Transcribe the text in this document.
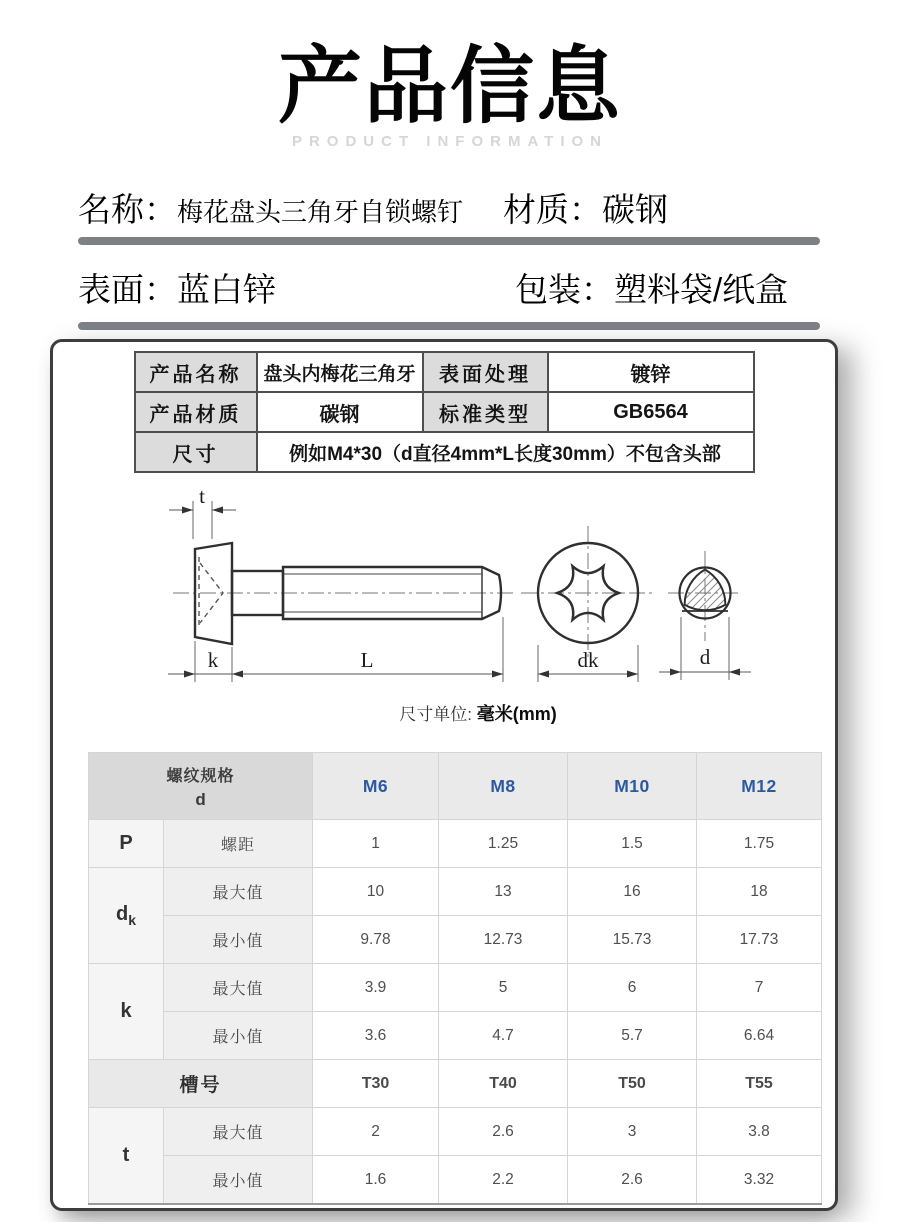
产品信息
PRODUCT INFORMATION
名称：梅花盘头三角牙自锁螺钉 材质：碳钢
表面：蓝白锌	包装：塑料袋/纸盒
产品名称	盘头内梅花三角牙	表面处理	镀锌
产品材质	碳钢	标准类型	GB6564
尺寸	例如M4*30（d直径4mm*L长度30mm）不包含头部		
t
k	L	dk	d
尺寸单位: 毫米(mm)
螺纹规格
d		M6	M8	M10	M12
P	螺距	1	1.25	1.5	1.75
$d_k$	最大值	10	13	16	18
	最小值	9.78	12.73	15.73	17.73
k	最大值	3.9	5	6	7
	最小值	3.6	4.7	5.7	6.64
槽号		T30	T40	T50	T55
t	最大值	2	2.6	3	3.8
	最小值	1.6	2.2	2.6	3.32
